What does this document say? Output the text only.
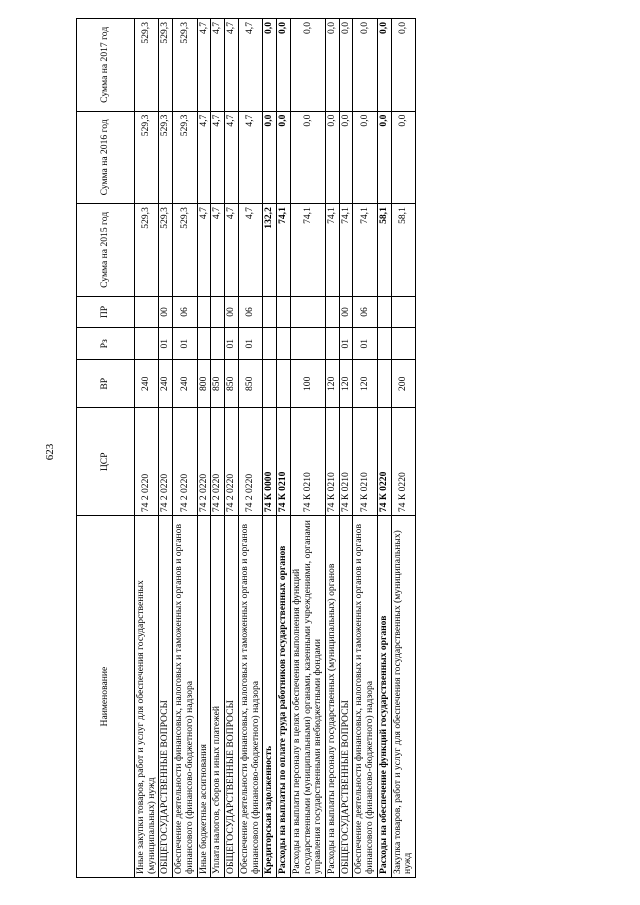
623
Наименование	ЦСР	ВР	Рз	ПР	Сумма на 2015 год	Сумма на 2016 год	Сумма на 2017 год
Иные закупки товаров, работ и услуг для обеспечения государственных (муниципальных) нужд	74 2 0220	240			529,3	529,3	529,3
ОБЩЕГОСУДАРСТВЕННЫЕ ВОПРОСЫ	74 2 0220	240	01	00	529,3	529,3	529,3
Обеспечение деятельности финансовых, налоговых и таможенных органов и органов финансового (финансово-бюджетного) надзора	74 2 0220	240	01	06	529,3	529,3	529,3
Иные бюджетные ассигнования	74 2 0220	800			4,7	4,7	4,7
Уплата налогов, сборов и иных платежей	74 2 0220	850			4,7	4,7	4,7
ОБЩЕГОСУДАРСТВЕННЫЕ ВОПРОСЫ	74 2 0220	850	01	00	4,7	4,7	4,7
Обеспечение деятельности финансовых, налоговых и таможенных органов и органов финансового (финансово-бюджетного) надзора	74 2 0220	850	01	06	4,7	4,7	4,7
Кредиторская задолженность	74 К 0000				132,2	0,0	0,0
Расходы на выплаты по оплате труда работников государственных органов	74 К 0210				74,1	0,0	0,0
Расходы на выплаты персоналу в целях обеспечения выполнения функций государственными (муниципальными) органами, казенными учреждениями, органами управления государственными внебюджетными фондами	74 К 0210	100			74,1	0,0	0,0
Расходы на выплаты персоналу государственных (муниципальных) органов	74 К 0210	120			74,1	0,0	0,0
ОБЩЕГОСУДАРСТВЕННЫЕ ВОПРОСЫ	74 К 0210	120	01	00	74,1	0,0	0,0
Обеспечение деятельности финансовых, налоговых и таможенных органов и органов финансового (финансово-бюджетного) надзора	74 К 0210	120	01	06	74,1	0,0	0,0
Расходы на обеспечение функций государственных органов	74 К 0220				58,1	0,0	0,0
Закупка товаров, работ и услуг для обеспечения государственных (муниципальных) нужд	74 К 0220	200			58,1	0,0	0,0
